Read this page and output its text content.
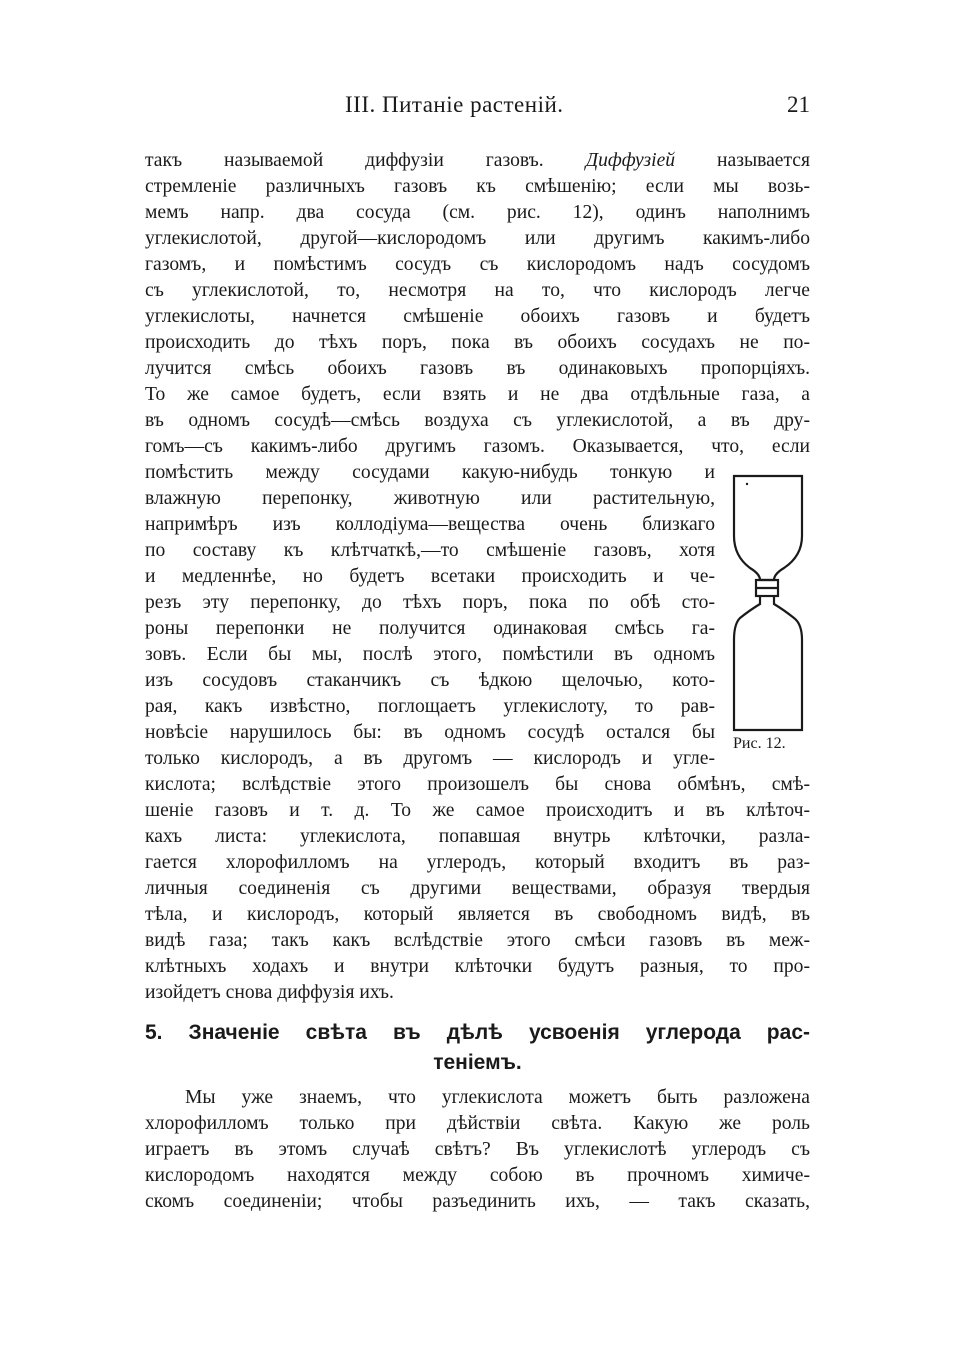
III. Питаніе растеній.	21
такъ называемой диффузіи газовъ. Диффузіей называется
стремленіе различныхъ газовъ къ смѣшенію; если мы возь-
мемъ напр. два сосуда (см. рис. 12), одинъ наполнимъ
углекислотой, другой—кислородомъ или другимъ какимъ-либо
газомъ, и помѣстимъ сосудъ съ кислородомъ надъ сосудомъ
съ углекислотой, то, несмотря на то, что кислородъ легче
углекислоты, начнется смѣшеніе обоихъ газовъ и будетъ
происходить до тѣхъ поръ, пока въ обоихъ сосудахъ не по-
лучится смѣсь обоихъ газовъ въ одинаковыхъ пропорціяхъ.
То же самое будетъ, если взять и не два отдѣльные газа, а
въ одномъ сосудѣ—смѣсь воздуха съ углекислотой, а въ дру-
гомъ—съ какимъ-либо другимъ газомъ. Оказывается, что, если
помѣстить между сосудами какую-нибудь тонкую и
влажную перепонку, животную или растительную,
напримѣръ изъ коллодіума—вещества очень близкаго
по составу къ клѣтчаткѣ,—то смѣшеніе газовъ, хотя
и медленнѣе, но будетъ всетаки происходить и че-
резъ эту перепонку, до тѣхъ поръ, пока по обѣ сто-
роны перепонки не получится одинаковая смѣсь га-
зовъ. Если бы мы, послѣ этого, помѣстили въ одномъ
изъ сосудовъ стаканчикъ съ ѣдкою щелочью, кото-
рая, какъ извѣстно, поглощаетъ углекислоту, то рав-
новѣсіе нарушилось бы: въ одномъ сосудѣ остался бы
только кислородъ, а въ другомъ — кислородъ и угле-
кислота; вслѣдствіе этого произошелъ бы снова обмѣнъ, смѣ-
шеніе газовъ и т. д. То же самое происходитъ и въ клѣточ-
кахъ листа: углекислота, попавшая внутрь клѣточки, разла-
гается хлорофилломъ на углеродъ, который входитъ въ раз-
личныя соединенія съ другими веществами, образуя твердыя
тѣла, и кислородъ, который является въ свободномъ видѣ, въ
видѣ газа; такъ какъ вслѣдствіе этого смѣси газовъ въ меж-
клѣтныхъ ходахъ и внутри клѣточки будутъ разныя, то про-
изойдетъ снова диффузія ихъ.
5. Значеніе свѣта въ дѣлѣ усвоенія углерода рас-
теніемъ.
Мы уже знаемъ, что углекислота можетъ быть разложена
хлорофилломъ только при дѣйствіи свѣта. Какую же роль
играетъ въ этомъ случаѣ свѣтъ? Въ углекислотѣ углеродъ съ
кислородомъ находятся между собою въ прочномъ химиче-
скомъ соединеніи; чтобы разъединить ихъ, — такъ сказать,
Рис. 12.
